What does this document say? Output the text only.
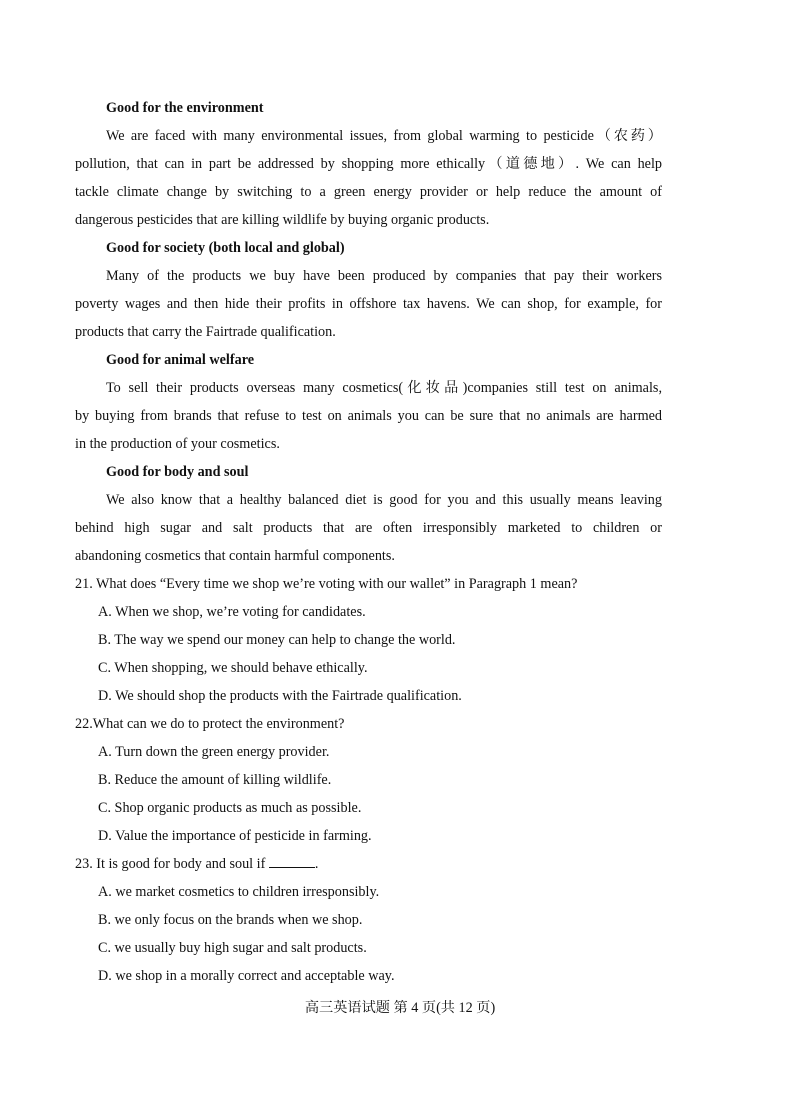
Good for the environment
We are faced with many environmental issues, from global warming to pesticide（农药）
pollution, that can in part be addressed by shopping more ethically（道德地）. We can help
tackle climate change by switching to a green energy provider or help reduce the amount of
dangerous pesticides that are killing wildlife by buying organic products.
Good for society (both local and global)
Many of the products we buy have been produced by companies that pay their workers
poverty wages and then hide their profits in offshore tax havens. We can shop, for example, for
products that carry the Fairtrade qualification.
Good for animal welfare
To sell their products overseas many cosmetics(化妆品)companies still test on animals,
by buying from brands that refuse to test on animals you can be sure that no animals are harmed
in the production of your cosmetics.
Good for body and soul
We also know that a healthy balanced diet is good for you and this usually means leaving
behind high sugar and salt products that are often irresponsibly marketed to children or
abandoning cosmetics that contain harmful components.
21. What does “Every time we shop we’re voting with our wallet” in Paragraph 1 mean?
A. When we shop, we’re voting for candidates.
B. The way we spend our money can help to change the world.
C. When shopping, we should behave ethically.
D. We should shop the products with the Fairtrade qualification.
22.What can we do to protect the environment?
A. Turn down the green energy provider.
B. Reduce the amount of killing wildlife.
C. Shop organic products as much as possible.
D. Value the importance of pesticide in farming.
23. It is good for body and soul if	.
A. we market cosmetics to children irresponsibly.
B. we only focus on the brands when we shop.
C. we usually buy high sugar and salt products.
D. we shop in a morally correct and acceptable way.
高三英语试题 第 4 页(共 12 页)
